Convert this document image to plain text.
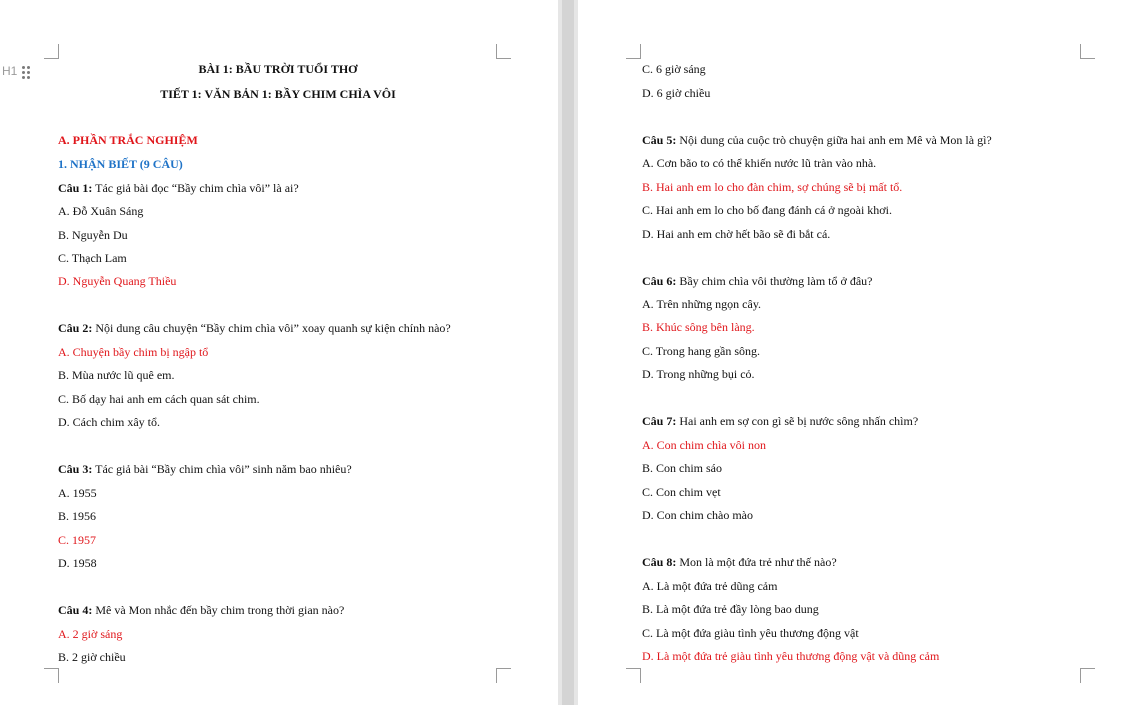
H1	BÀI 1: BẦU TRỜI TUỔI THƠ
TIẾT 1: VĂN BẢN 1: BẦY CHIM CHÌA VÔI
A. PHẦN TRẮC NGHIỆM
1. NHẬN BIẾT (9 CÂU)
Câu 1: Tác giả bài đọc “Bầy chim chìa vôi” là ai?
A. Đỗ Xuân Sáng
B. Nguyễn Du
C. Thạch Lam
D. Nguyễn Quang Thiều
Câu 2: Nội dung câu chuyện “Bầy chim chìa vôi” xoay quanh sự kiện chính nào?
A. Chuyện bầy chim bị ngập tổ
B. Mùa nước lũ quê em.
C. Bố dạy hai anh em cách quan sát chim.
D. Cách chim xây tổ.
Câu 3: Tác giả bài “Bầy chim chìa vôi” sinh năm bao nhiêu?
A. 1955
B. 1956
C. 1957
D. 1958
Câu 4: Mê và Mon nhắc đến bầy chim trong thời gian nào?
A. 2 giờ sáng
B. 2 giờ chiều
C. 6 giờ sáng
D. 6 giờ chiều
Câu 5: Nội dung của cuộc trò chuyện giữa hai anh em Mê và Mon là gì?
A. Cơn bão to có thể khiến nước lũ tràn vào nhà.
B. Hai anh em lo cho đàn chim, sợ chúng sẽ bị mất tổ.
C. Hai anh em lo cho bố đang đánh cá ở ngoài khơi.
D. Hai anh em chờ hết bão sẽ đi bắt cá.
Câu 6: Bầy chim chìa vôi thường làm tổ ở đâu?
A. Trên những ngọn cây.
B. Khúc sông bên làng.
C. Trong hang gần sông.
D. Trong những bụi cỏ.
Câu 7: Hai anh em sợ con gì sẽ bị nước sông nhấn chìm?
A. Con chim chìa vôi non
B. Con chim sáo
C. Con chim vẹt
D. Con chim chào mào
Câu 8: Mon là một đứa trẻ như thế nào?
A. Là một đứa trẻ dũng cảm
B. Là một đứa trẻ đầy lòng bao dung
C. Là một đứa giàu tình yêu thương động vật
D. Là một đứa trẻ giàu tình yêu thương động vật và dũng cảm
